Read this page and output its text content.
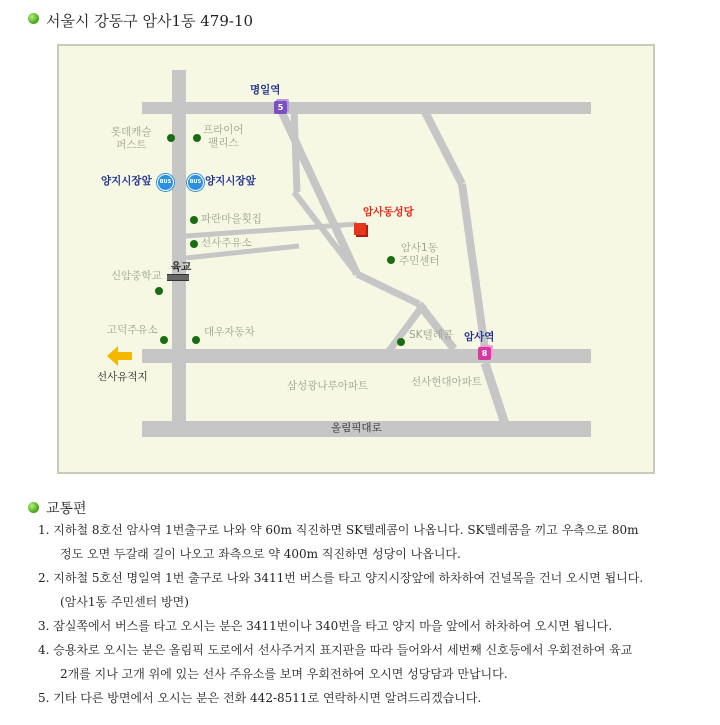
서울시 강동구 암사1동 479-10
명일역
5
암사역
8
암사동성당
양지시장앞	BUS	BUS 양지시장앞
롯데캐슬
퍼스트
프라이어
팰리스
파란마을횟집
선사주유소
신암중학교
육교
고덕주유소	대우자동차
암사1동
주민센터
SK텔레콤
삼성광나루아파트	선사현대아파트
올림픽대로
선사유적지
교통편
1. 지하철 8호선 암사역 1번출구로 나와 약 60m 직진하면 SK텔레콤이 나옵니다. SK텔레콤을 끼고 우측으로 80m
정도 오면 두갈래 길이 나오고 좌측으로 약 400m 직진하면 성당이 나옵니다.
2. 지하철 5호선 명일역 1번 출구로 나와 3411번 버스를 타고 양지시장앞에 하차하여 건널목을 건너 오시면 됩니다.
(암사1동 주민센터 방면)
3. 잠실쪽에서 버스를 타고 오시는 분은 3411번이나 340번을 타고 양지 마을 앞에서 하차하여 오시면 됩니다.
4. 승용차로 오시는 분은 올림픽 도로에서 선사주거지 표지판을 따라 들어와서 세번째 신호등에서 우회전하여 육교
2개를 지나 고개 위에 있는 선사 주유소를 보며 우회전하여 오시면 성당담과 만납니다.
5. 기타 다른 방면에서 오시는 분은 전화 442-8511로 연락하시면 알려드리겠습니다.
